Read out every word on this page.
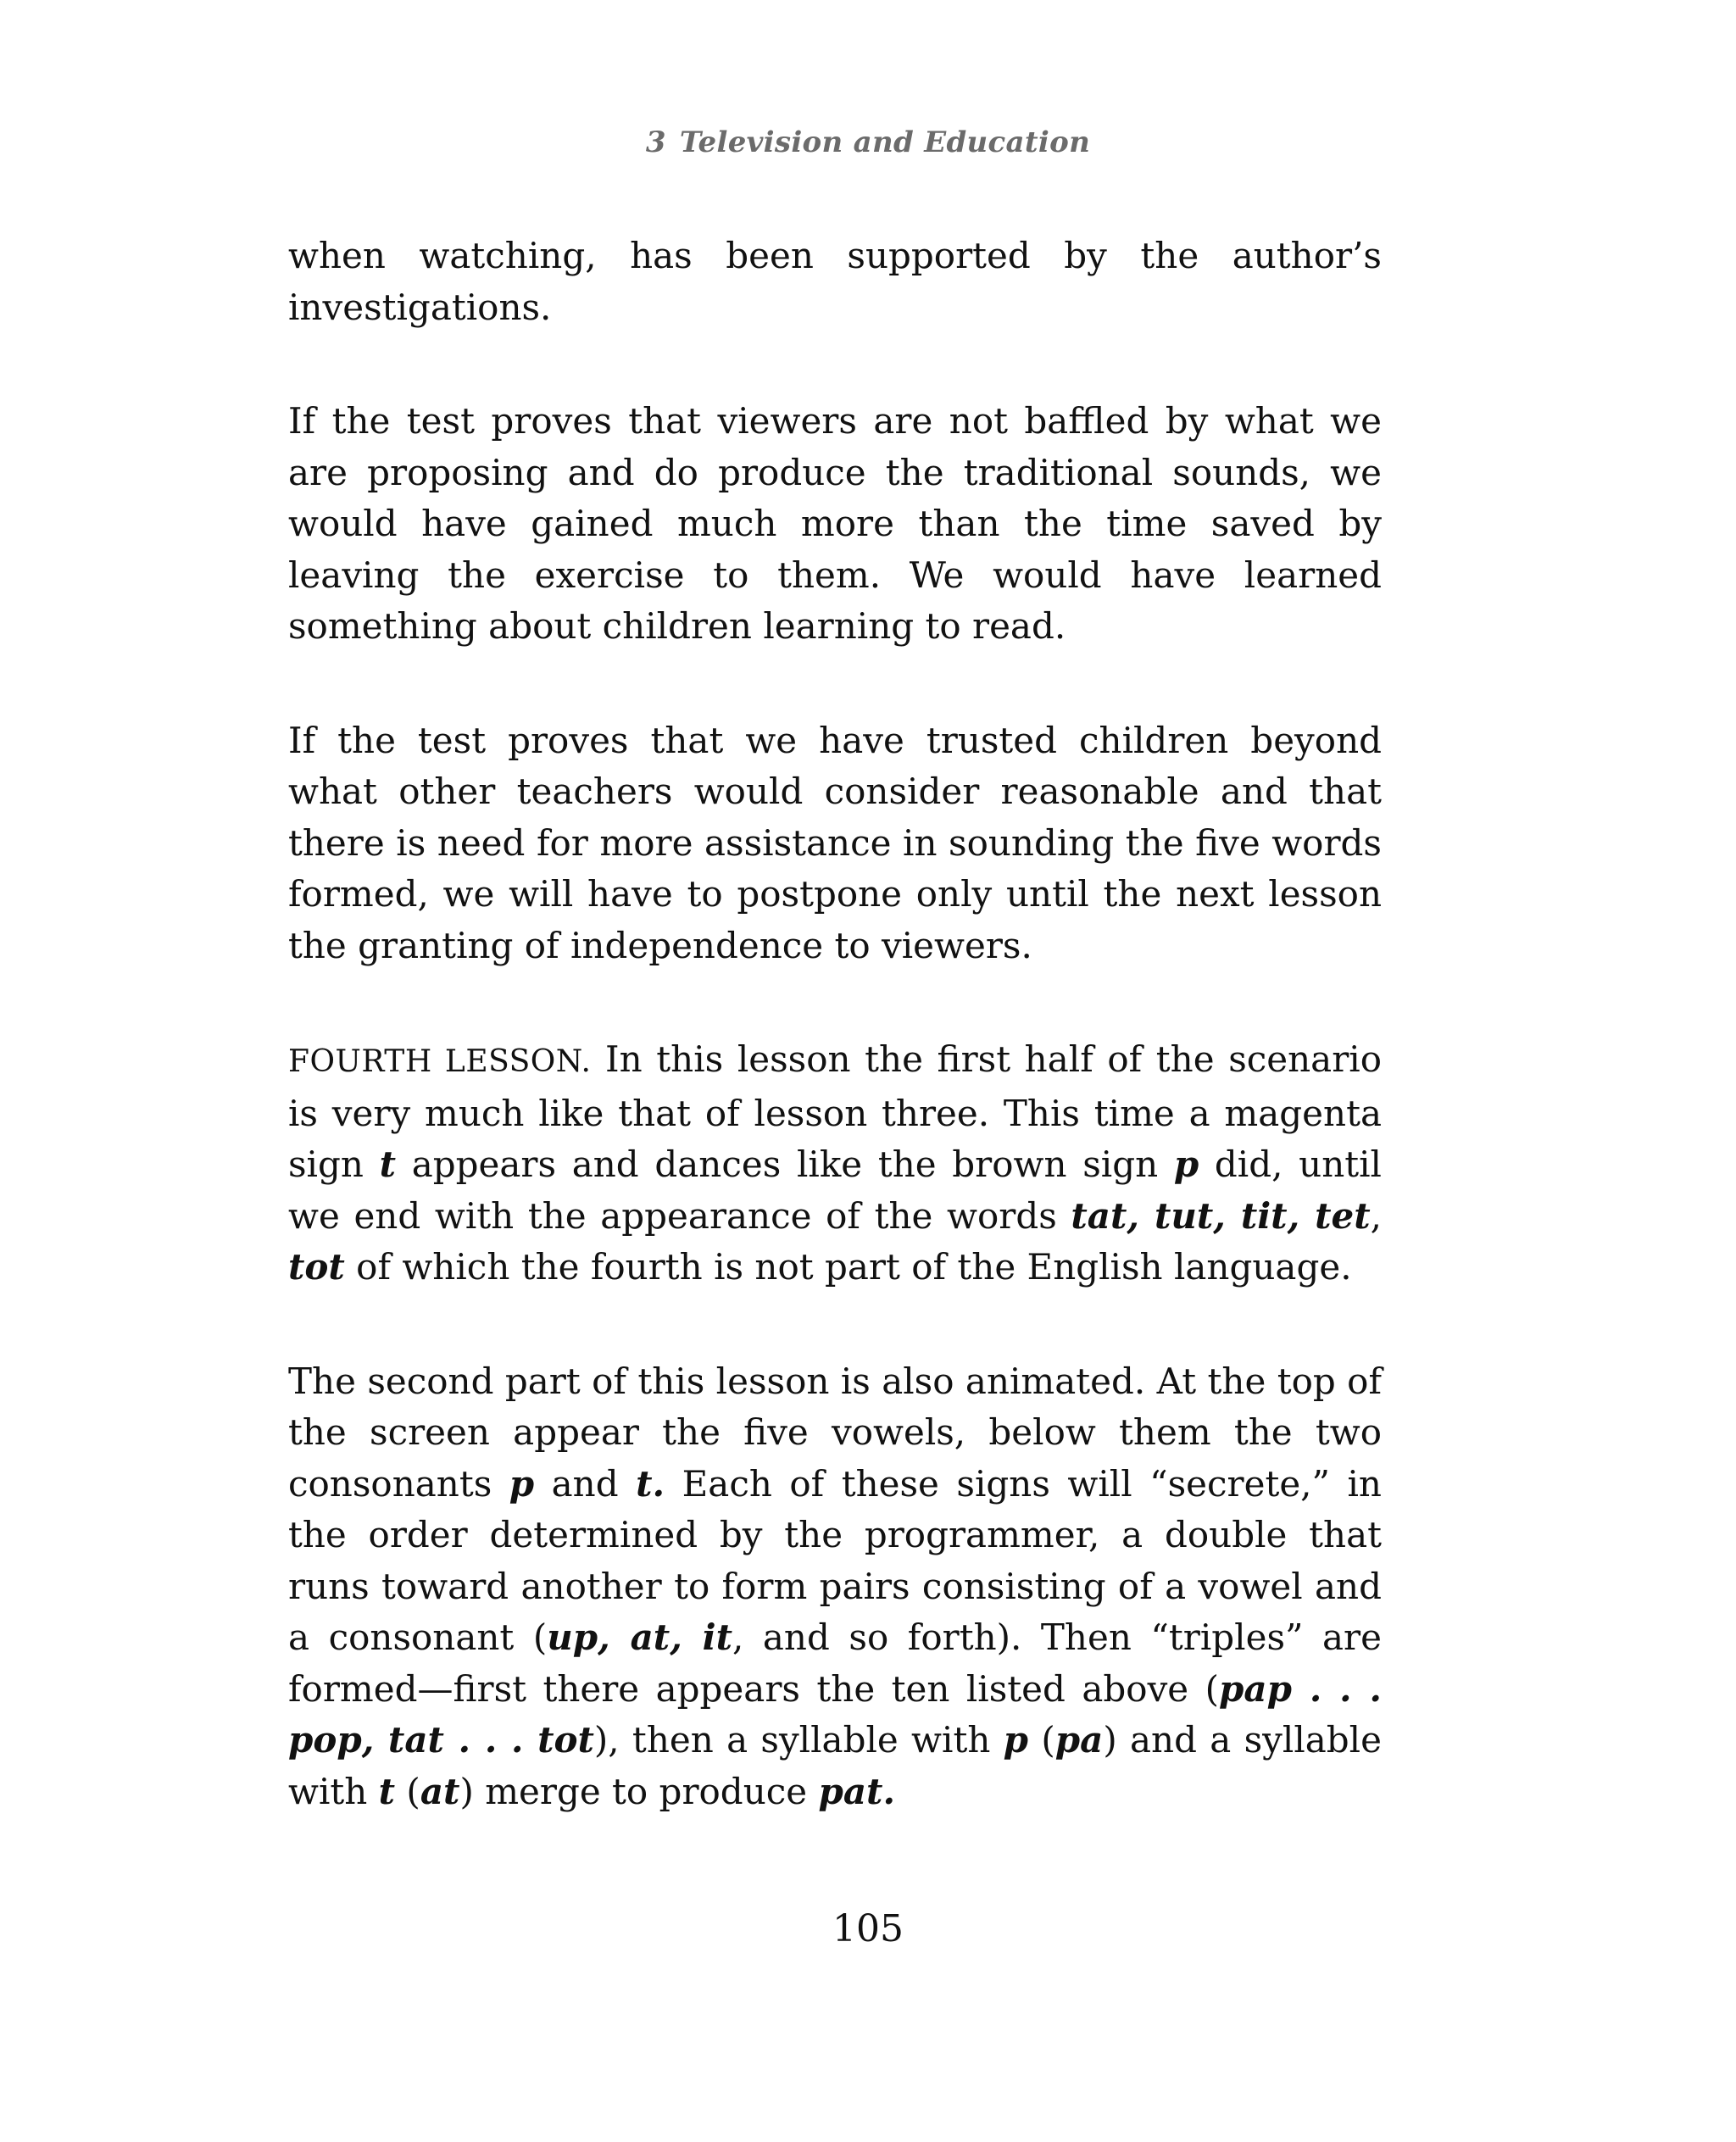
3 Television and Education

when watching, has been supported by the author’s
investigations.

If the test proves that viewers are not baffled by what we are proposing and do produce the traditional sounds, we would have gained much more than the time saved by leaving the exercise to them. We would have learned something about children learning to read.

If the test proves that we have trusted children beyond what other teachers would consider reasonable and that there is need for more assistance in sounding the five words formed, we will have to postpone only until the next lesson the granting of independence to viewers.

FOURTH LESSON. In this lesson the first half of the scenario is very much like that of lesson three. This time a magenta sign t appears and dances like the brown sign p did, until we end with the appearance of the words tat, tut, tit, tet, tot of which the fourth is not part of the English language.

The second part of this lesson is also animated. At the top of the screen appear the five vowels, below them the two consonants p and t. Each of these signs will “secrete,” in the order determined by the programmer, a double that runs toward another to form pairs consisting of a vowel and a consonant (up, at, it, and so forth). Then “triples” are formed—first there appears the ten listed above (pap . . . pop, tat . . . tot), then a syllable with p (pa) and a syllable with t (at) merge to produce pat.

105
